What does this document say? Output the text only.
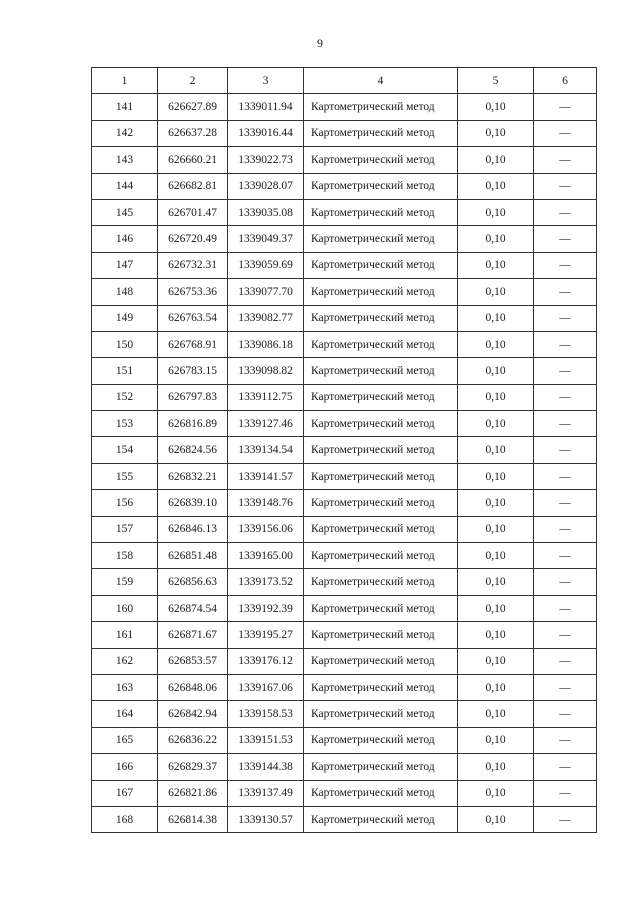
9
1	2	3	4	5	6
141	626627.89	1339011.94	Картометрический метод	0,10	—
142	626637.28	1339016.44	Картометрический метод	0,10	—
143	626660.21	1339022.73	Картометрический метод	0,10	—
144	626682.81	1339028.07	Картометрический метод	0,10	—
145	626701.47	1339035.08	Картометрический метод	0,10	—
146	626720.49	1339049.37	Картометрический метод	0,10	—
147	626732.31	1339059.69	Картометрический метод	0,10	—
148	626753.36	1339077.70	Картометрический метод	0,10	—
149	626763.54	1339082.77	Картометрический метод	0,10	—
150	626768.91	1339086.18	Картометрический метод	0,10	—
151	626783.15	1339098.82	Картометрический метод	0,10	—
152	626797.83	1339112.75	Картометрический метод	0,10	—
153	626816.89	1339127.46	Картометрический метод	0,10	—
154	626824.56	1339134.54	Картометрический метод	0,10	—
155	626832.21	1339141.57	Картометрический метод	0,10	—
156	626839.10	1339148.76	Картометрический метод	0,10	—
157	626846.13	1339156.06	Картометрический метод	0,10	—
158	626851.48	1339165.00	Картометрический метод	0,10	—
159	626856.63	1339173.52	Картометрический метод	0,10	—
160	626874.54	1339192.39	Картометрический метод	0,10	—
161	626871.67	1339195.27	Картометрический метод	0,10	—
162	626853.57	1339176.12	Картометрический метод	0,10	—
163	626848.06	1339167.06	Картометрический метод	0,10	—
164	626842.94	1339158.53	Картометрический метод	0,10	—
165	626836.22	1339151.53	Картометрический метод	0,10	—
166	626829.37	1339144.38	Картометрический метод	0,10	—
167	626821.86	1339137.49	Картометрический метод	0,10	—
168	626814.38	1339130.57	Картометрический метод	0,10	—
